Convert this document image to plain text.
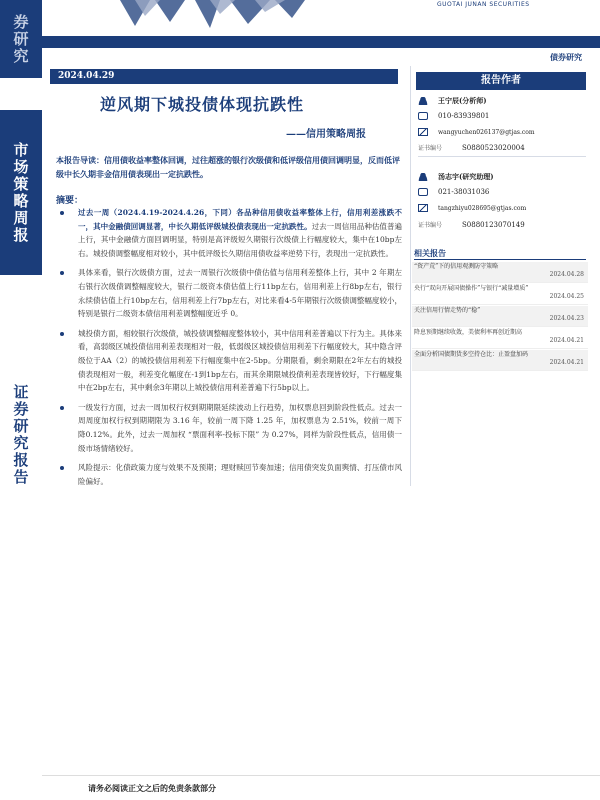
GUOTAI JUNAN SECURITIES
券研究
市场策略周报
证券研究报告
债券研究
2024.04.29
逆风期下城投债体现抗跌性
——信用策略周报
本报告导读：信用债收益率整体回调，过往超涨的银行次级债和低评级信用债回调明显，反而低评级中长久期非金信用债表现出一定抗跌性。
摘要：
过去一周（2024.4.19-2024.4.26，下同）各品种信用债收益率整体上行，信用利差涨跌不一，其中金融债回调显著，中长久期低评级城投债表现出一定抗跌性。过去一周信用品种估值普遍上行，其中金融债方面回调明显，特别是高评级短久期银行次级债上行幅度较大，集中在10bp左右。城投债调整幅度相对较小，其中低评级长久期信用债收益率逆势下行，表现出一定抗跌性。
具体来看，银行次级债方面，过去一周银行次级债中债估值与信用利差整体上行，其中 2 年期左右银行次级债调整幅度较大，银行二级资本债估值上行11bp左右，信用利差上行8bp左右，银行永续债估值上行10bp左右，信用利差上行7bp左右，对比来看4-5年期银行次级债调整幅度较小，特别是银行二级资本债信用利差调整幅度近乎 0。
城投债方面，相较银行次级债，城投债调整幅度整体较小，其中信用利差普遍以下行为主。具体来看，高弱级区城投债信用利差表现相对一般，低弱级区城投债信用利差下行幅度较大，其中隐含评级位于AA（2）的城投债信用利差下行幅度集中在2-5bp。分期限看，剩余期限在2年左右的城投债表现相对一般，利差变化幅度在-1到1bp左右，而其余期限城投债利差表现皆较好，下行幅度集中在2bp左右，其中剩余3年期以上城投债信用利差普遍下行5bp以上。
一级发行方面，过去一周加权行权到期期限延续波动上行趋势，加权票息回到阶段性低点。过去一周周度加权行权到期期限为 3.16 年，较前一周下降 1.25 年，加权票息为 2.51%，较前一周下降0.12%。此外，过去一周加权 “票面利率-投标下限” 为 0.27%，同样为阶段性低点，信用债一级市场情绪较好。
风险提示：化债政策力度与效果不及预期；理财赎回节奏加速；信用债突发负面舆情、打压债市风险偏好。
报告作者
王宁辰(分析师)
010-83939801
wangyuchen026137@gtjas.com
证书编号	S0880523020004
汤志宇(研究助理)
021-38031036
tangzhiyu028695@gtjas.com
证书编号	S0880123070149
相关报告
“资产荒”下的信用观测防守策略
2024.04.28
央行“双向开展国债操作”与银行“减量增质”
2024.04.25
关注信用行情走势的“稳”
2024.04.23
降息预期继续收敛，美债利率再创近期高
2024.04.21
全面分析国债期货多空持仓比：止盈盘加码
2024.04.21
请务必阅读正文之后的免责条款部分
